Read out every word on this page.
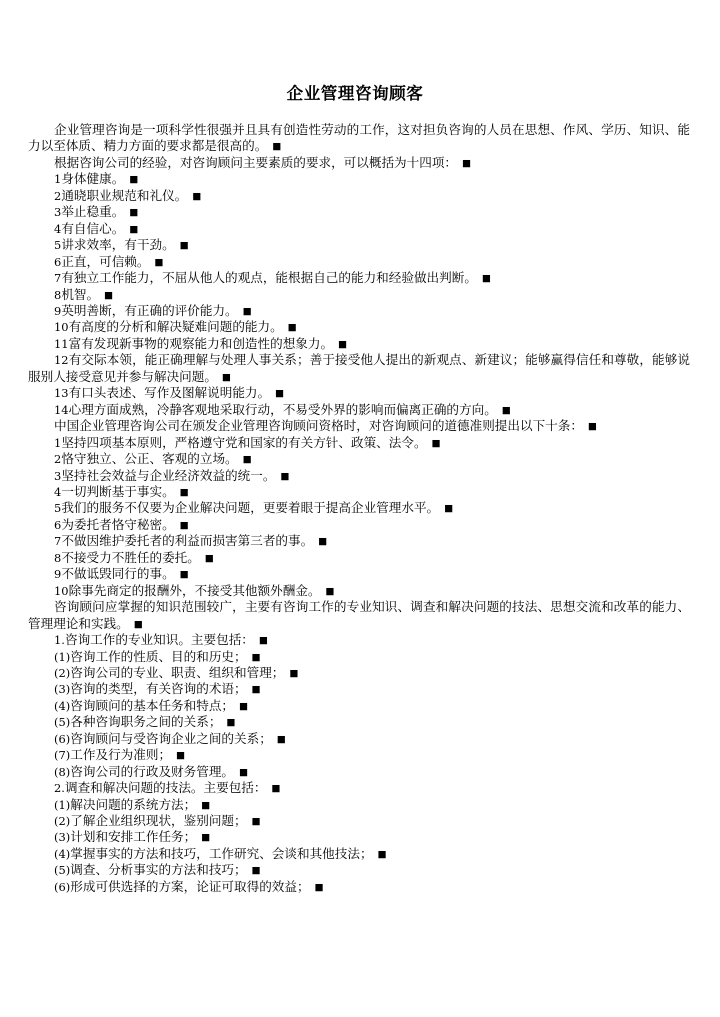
企业管理咨询顾客

企业管理咨询是一项科学性很强并且具有创造性劳动的工作，这对担负咨询的人员在思想、作风、学历、知识、能力以至体质、精力方面的要求都是很高的。 ■

根据咨询公司的经验，对咨询顾问主要素质的要求，可以概括为十四项： ■

1身体健康。 ■

2通晓职业规范和礼仪。 ■

3举止稳重。 ■

4有自信心。 ■

5讲求效率，有干劲。 ■

6正直，可信赖。 ■

7有独立工作能力，不屈从他人的观点，能根据自己的能力和经验做出判断。 ■

8机智。 ■

9英明善断，有正确的评价能力。 ■

10有高度的分析和解决疑难问题的能力。 ■

11富有发现新事物的观察能力和创造性的想象力。 ■

12有交际本领，能正确理解与处理人事关系；善于接受他人提出的新观点、新建议；能够赢得信任和尊敬，能够说服别人接受意见并参与解决问题。 ■

13有口头表述、写作及图解说明能力。 ■

14心理方面成熟，冷静客观地采取行动，不易受外界的影响而偏离正确的方向。 ■

中国企业管理咨询公司在颁发企业管理咨询顾问资格时，对咨询顾问的道德准则提出以下十条： ■

1坚持四项基本原则，严格遵守党和国家的有关方针、政策、法令。 ■

2恪守独立、公正、客观的立场。 ■

3坚持社会效益与企业经济效益的统一。 ■

4一切判断基于事实。 ■

5我们的服务不仅要为企业解决问题，更要着眼于提高企业管理水平。 ■

6为委托者恪守秘密。 ■

7不做因维护委托者的利益而损害第三者的事。 ■

8不接受力不胜任的委托。 ■

9不做诋毁同行的事。 ■

10除事先商定的报酬外，不接受其他额外酬金。 ■

咨询顾问应掌握的知识范围较广，主要有咨询工作的专业知识、调查和解决问题的技法、思想交流和改革的能力、管理理论和实践。 ■

1.咨询工作的专业知识。主要包括： ■

(1)咨询工作的性质、目的和历史； ■

(2)咨询公司的专业、职责、组织和管理； ■

(3)咨询的类型，有关咨询的术语； ■

(4)咨询顾问的基本任务和特点； ■

(5)各种咨询职务之间的关系； ■

(6)咨询顾问与受咨询企业之间的关系； ■

(7)工作及行为准则； ■

(8)咨询公司的行政及财务管理。 ■

2.调查和解决问题的技法。主要包括： ■

(1)解决问题的系统方法； ■

(2)了解企业组织现状，鉴别问题； ■

(3)计划和安排工作任务； ■

(4)掌握事实的方法和技巧，工作研究、会谈和其他技法； ■

(5)调查、分析事实的方法和技巧； ■

(6)形成可供选择的方案，论证可取得的效益； ■
